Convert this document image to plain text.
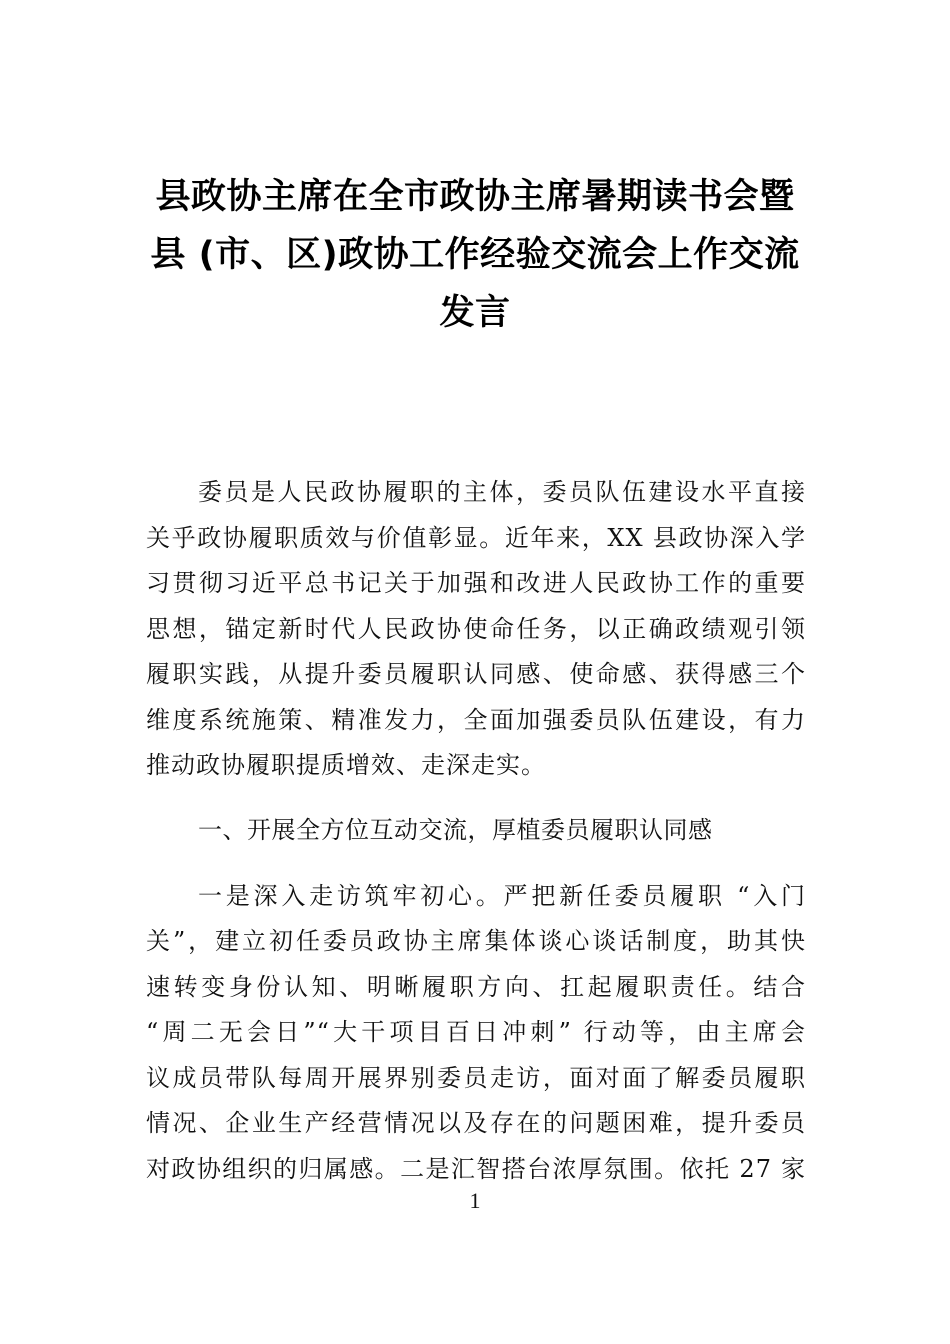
县政协主席在全市政协主席暑期读书会暨
县 (市、区)政协工作经验交流会上作交流
发言
委员是人民政协履职的主体，委员队伍建设水平直接
关乎政协履职质效与价值彰显。近年来，XX 县政协深入学
习贯彻习近平总书记关于加强和改进人民政协工作的重要
思想，锚定新时代人民政协使命任务，以正确政绩观引领
履职实践，从提升委员履职认同感、使命感、获得感三个
维度系统施策、精准发力，全面加强委员队伍建设，有力
推动政协履职提质增效、走深走实。
一、开展全方位互动交流，厚植委员履职认同感
一是深入走访筑牢初心。严把新任委员履职 “入门
关”，建立初任委员政协主席集体谈心谈话制度，助其快
速转变身份认知、明晰履职方向、扛起履职责任。结合
“周二无会日”“大干项目百日冲刺” 行动等，由主席会
议成员带队每周开展界别委员走访，面对面了解委员履职
情况、企业生产经营情况以及存在的问题困难，提升委员
对政协组织的归属感。二是汇智搭台浓厚氛围。依托 27 家
1
